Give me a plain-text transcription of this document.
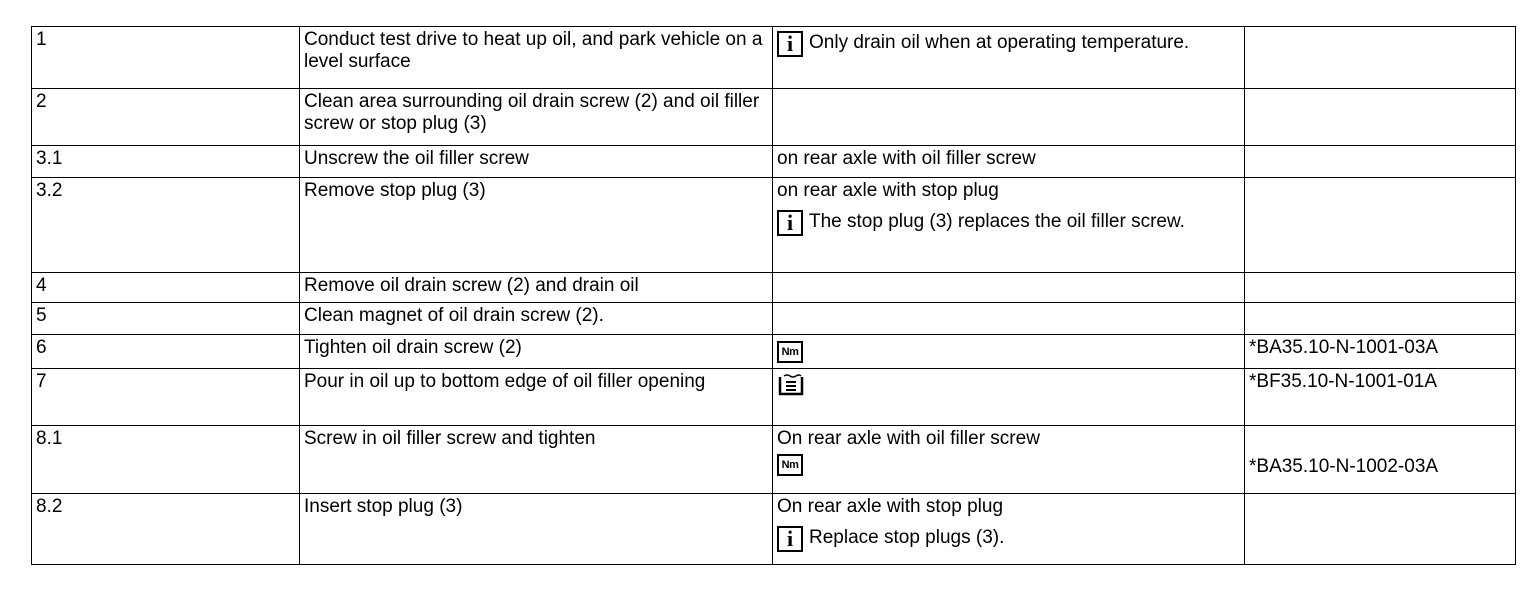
1	Conduct test drive to heat up oil, and park vehicle on a level surface	i Only drain oil when at operating temperature.	
2	Clean area surrounding oil drain screw (2) and oil filler screw or stop plug (3)		
3.1	Unscrew the oil filler screw	on rear axle with oil filler screw	
3.2	Remove stop plug (3)	on rear axle with stop plug
i The stop plug (3) replaces the oil filler screw.	

4	Remove oil drain screw (2) and drain oil		
5	Clean magnet of oil drain screw (2).		
6	Tighten oil drain screw (2)	Nm	*BA35.10-N-1001-03A
7	Pour in oil up to bottom edge of oil filler opening		*BF35.10-N-1001-01A
8.1	Screw in oil filler screw and tighten	On rear axle with oil filler screw
Nm	*BA35.10-N-1002-03A
8.2	Insert stop plug (3)	On rear axle with stop plug
i Replace stop plugs (3).	
